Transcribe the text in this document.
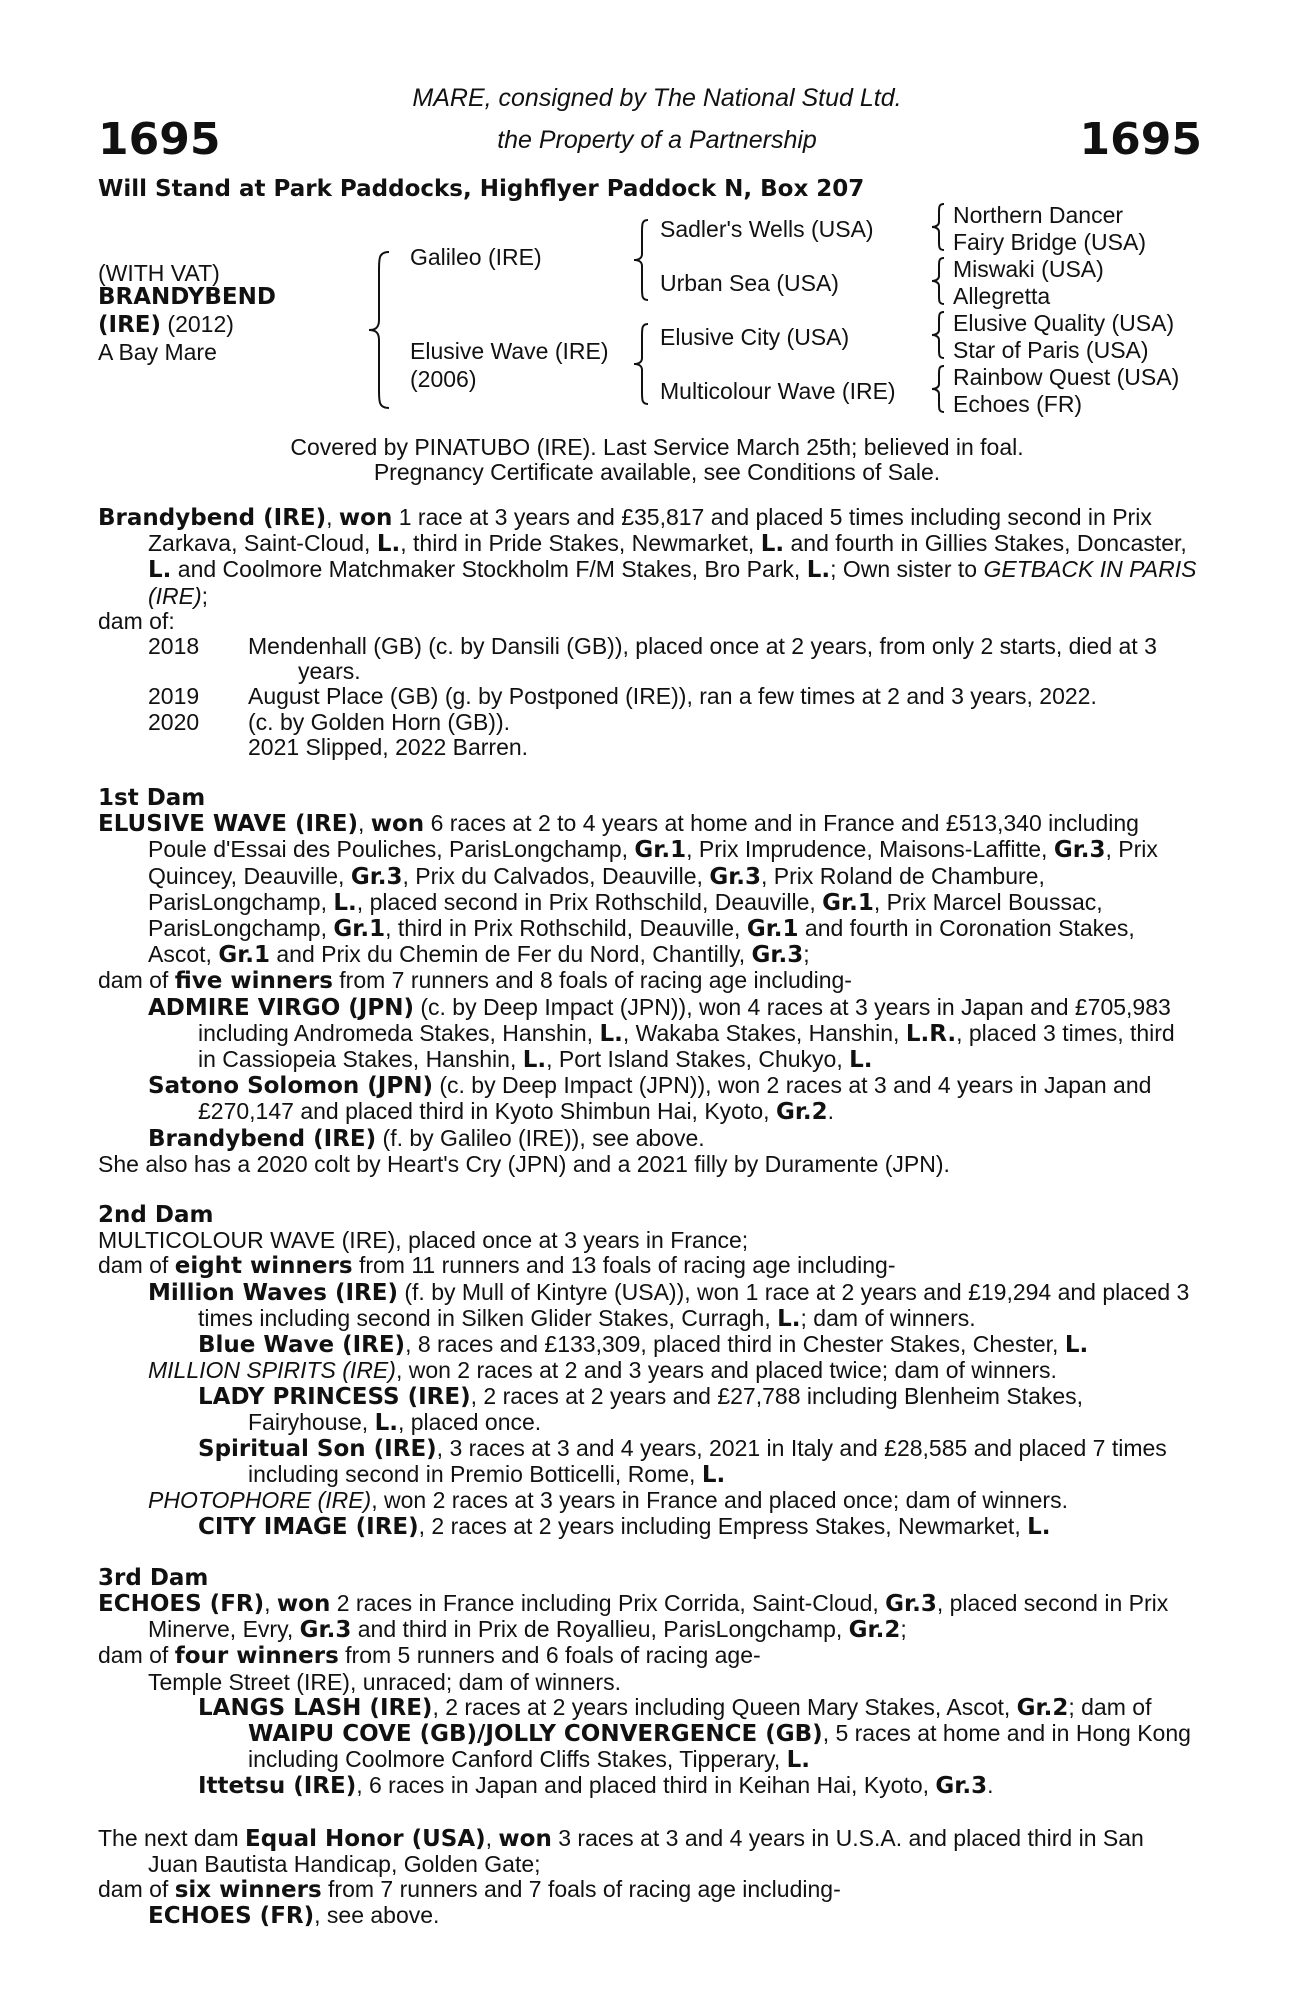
1695	1695
MARE, consigned by The National Stud Ltd.
the Property of a Partnership
Will Stand at Park Paddocks, Highflyer Paddock N, Box 207
(WITH VAT)
BRANDYBEND
(IRE) (2012)
A Bay Mare
Galileo (IRE)
Elusive Wave (IRE)
(2006)
Sadler's Wells (USA)
Urban Sea (USA)
Elusive City (USA)
Multicolour Wave (IRE)
Northern Dancer
Fairy Bridge (USA)
Miswaki (USA)
Allegretta
Elusive Quality (USA)
Star of Paris (USA)
Rainbow Quest (USA)
Echoes (FR)
Covered by PINATUBO (IRE). Last Service March 25th; believed in foal.
Pregnancy Certificate available, see Conditions of Sale.

Brandybend (IRE), won 1 race at 3 years and £35,817 and placed 5 times including second in Prix Zarkava, Saint-Cloud, L., third in Pride Stakes, Newmarket, L. and fourth in Gillies Stakes, Doncaster, L. and Coolmore Matchmaker Stockholm F/M Stakes, Bro Park, L.; Own sister to GETBACK IN PARIS (IRE);

dam of:

2018	Mendenhall (GB) (c. by Dansili (GB)), placed once at 2 years, from only 2 starts, died at 3 years.
2019	August Place (GB) (g. by Postponed (IRE)), ran a few times at 2 and 3 years, 2022.
2020	(c. by Golden Horn (GB)).
2021 Slipped, 2022 Barren.

1st Dam

ELUSIVE WAVE (IRE), won 6 races at 2 to 4 years at home and in France and £513,340 including Poule d'Essai des Pouliches, ParisLongchamp, Gr.1, Prix Imprudence, Maisons-Laffitte, Gr.3, Prix Quincey, Deauville, Gr.3, Prix du Calvados, Deauville, Gr.3, Prix Roland de Chambure, ParisLongchamp, L., placed second in Prix Rothschild, Deauville, Gr.1, Prix Marcel Boussac, ParisLongchamp, Gr.1, third in Prix Rothschild, Deauville, Gr.1 and fourth in Coronation Stakes, Ascot, Gr.1 and Prix du Chemin de Fer du Nord, Chantilly, Gr.3;

dam of five winners from 7 runners and 8 foals of racing age including-

ADMIRE VIRGO (JPN) (c. by Deep Impact (JPN)), won 4 races at 3 years in Japan and £705,983 including Andromeda Stakes, Hanshin, L., Wakaba Stakes, Hanshin, L.R., placed 3 times, third in Cassiopeia Stakes, Hanshin, L., Port Island Stakes, Chukyo, L.

Satono Solomon (JPN) (c. by Deep Impact (JPN)), won 2 races at 3 and 4 years in Japan and £270,147 and placed third in Kyoto Shimbun Hai, Kyoto, Gr.2.

Brandybend (IRE) (f. by Galileo (IRE)), see above.

She also has a 2020 colt by Heart's Cry (JPN) and a 2021 filly by Duramente (JPN).

2nd Dam

MULTICOLOUR WAVE (IRE), placed once at 3 years in France;

dam of eight winners from 11 runners and 13 foals of racing age including-

Million Waves (IRE) (f. by Mull of Kintyre (USA)), won 1 race at 2 years and £19,294 and placed 3 times including second in Silken Glider Stakes, Curragh, L.; dam of winners.

Blue Wave (IRE), 8 races and £133,309, placed third in Chester Stakes, Chester, L.

MILLION SPIRITS (IRE), won 2 races at 2 and 3 years and placed twice; dam of winners.

LADY PRINCESS (IRE), 2 races at 2 years and £27,788 including Blenheim Stakes, Fairyhouse, L., placed once.

Spiritual Son (IRE), 3 races at 3 and 4 years, 2021 in Italy and £28,585 and placed 7 times including second in Premio Botticelli, Rome, L.

PHOTOPHORE (IRE), won 2 races at 3 years in France and placed once; dam of winners.

CITY IMAGE (IRE), 2 races at 2 years including Empress Stakes, Newmarket, L.

3rd Dam

ECHOES (FR), won 2 races in France including Prix Corrida, Saint-Cloud, Gr.3, placed second in Prix Minerve, Evry, Gr.3 and third in Prix de Royallieu, ParisLongchamp, Gr.2;

dam of four winners from 5 runners and 6 foals of racing age-

Temple Street (IRE), unraced; dam of winners.

LANGS LASH (IRE), 2 races at 2 years including Queen Mary Stakes, Ascot, Gr.2; dam of WAIPU COVE (GB)/JOLLY CONVERGENCE (GB), 5 races at home and in Hong Kong including Coolmore Canford Cliffs Stakes, Tipperary, L.

Ittetsu (IRE), 6 races in Japan and placed third in Keihan Hai, Kyoto, Gr.3.

The next dam Equal Honor (USA), won 3 races at 3 and 4 years in U.S.A. and placed third in San Juan Bautista Handicap, Golden Gate;

dam of six winners from 7 runners and 7 foals of racing age including-

ECHOES (FR), see above.
